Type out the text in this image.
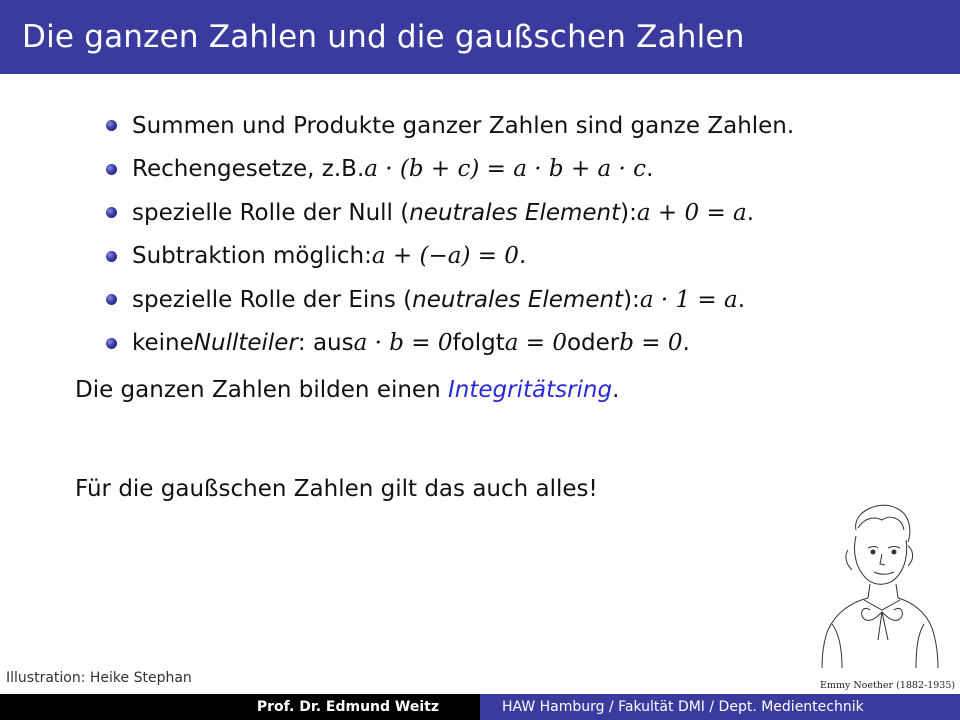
Die ganzen Zahlen und die gaußschen Zahlen
Summen und Produkte ganzer Zahlen sind ganze Zahlen.
Rechengesetze, z.B. a · (b + c) = a · b + a · c .
spezielle Rolle der Null ( neutrales Element ): a + 0 = a .
Subtraktion möglich: a + (−a) = 0 .
spezielle Rolle der Eins ( neutrales Element ): a · 1 = a .
keine Nullteiler : aus a · b = 0 folgt a = 0 oder b = 0 .
Die ganzen Zahlen bilden einen Integritätsring.
Für die gaußschen Zahlen gilt das auch alles!
Emmy Noether (1882-1935)
Illustration: Heike Stephan
Prof. Dr. Edmund Weitz	HAW Hamburg / Fakultät DMI / Dept. Medientechnik
